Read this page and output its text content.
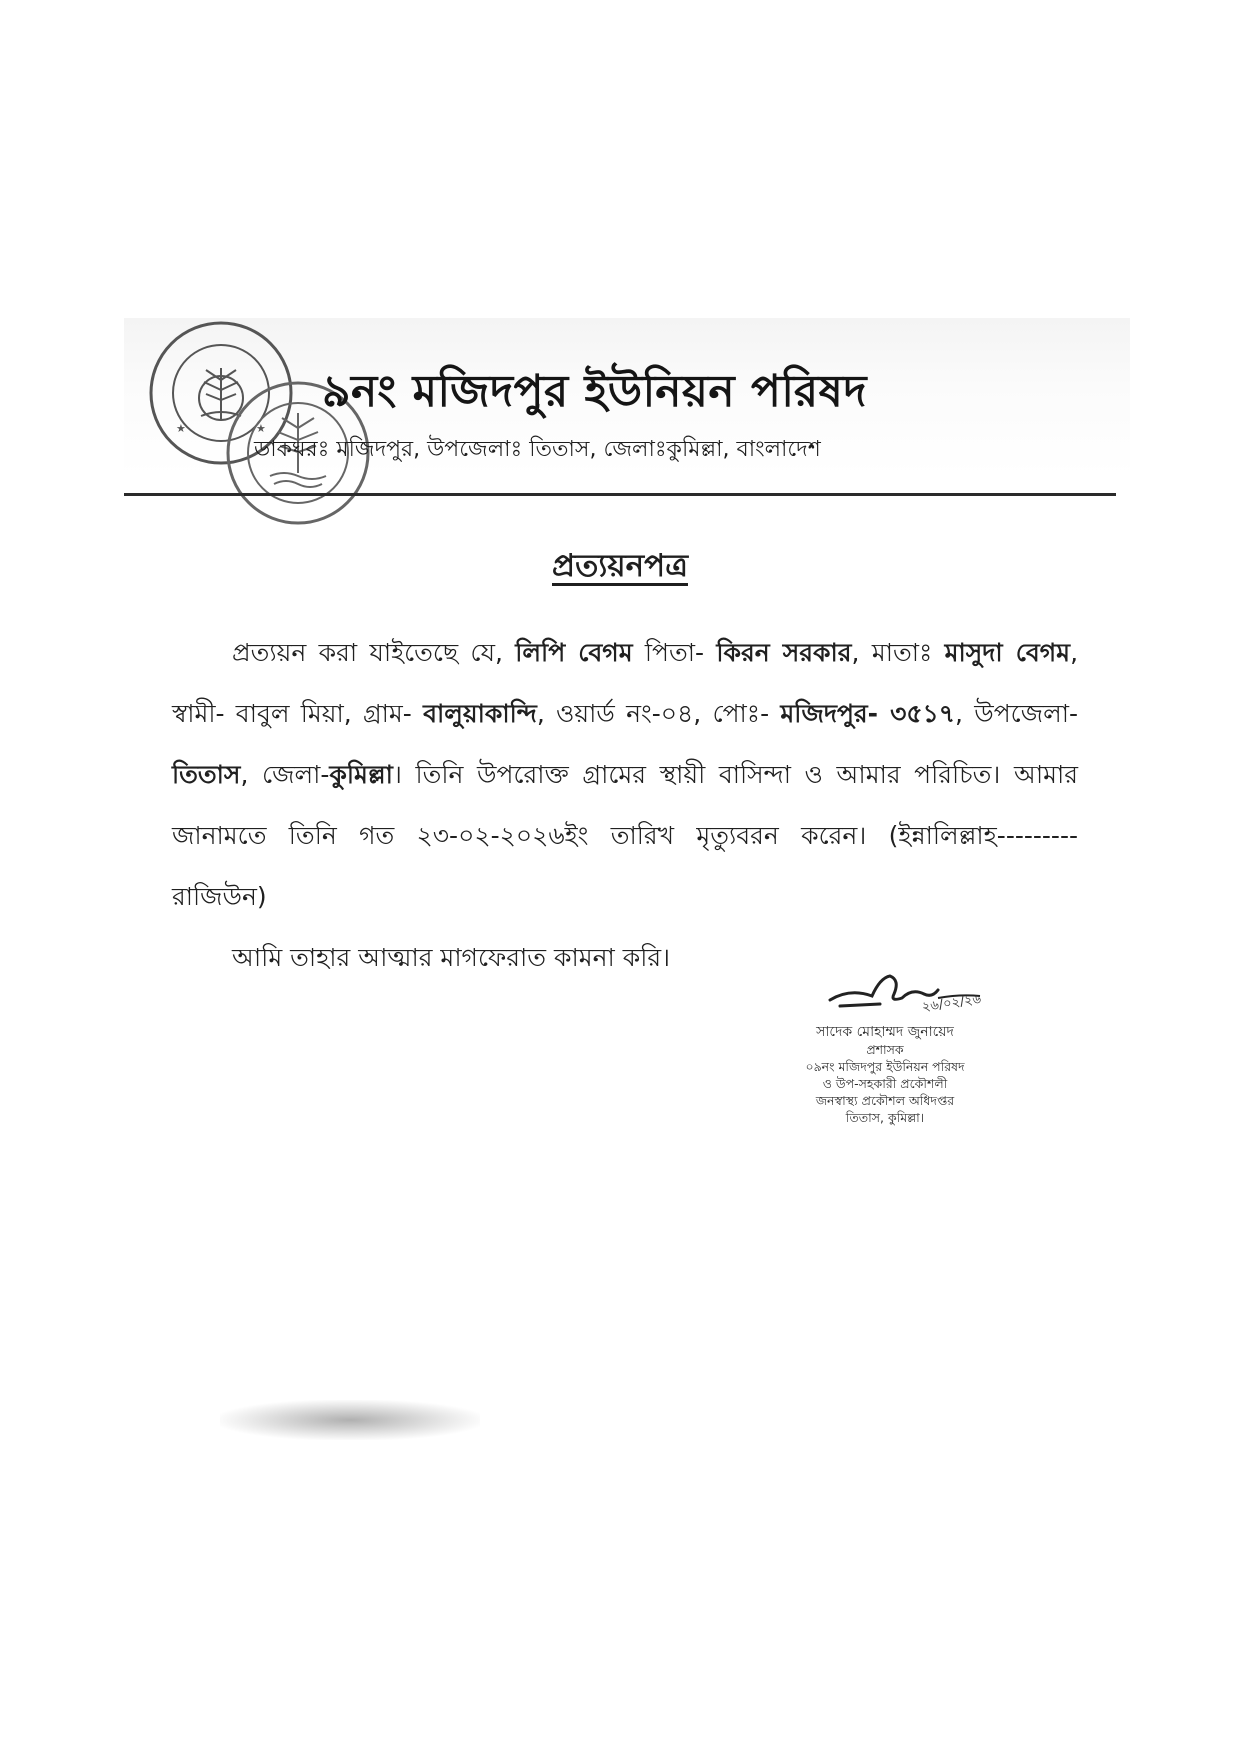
★	★
৯নং মজিদপুর ইউনিয়ন পরিষদ
ডাকঘরঃ মজিদপুর, উপজেলাঃ তিতাস, জেলাঃকুমিল্লা, বাংলাদেশ
প্রত্যয়নপত্র

প্রত্যয়ন করা যাইতেছে যে, লিপি বেগম পিতা- কিরন সরকার, মাতাঃ মাসুদা বেগম, স্বামী- বাবুল মিয়া, গ্রাম- বালুয়াকান্দি, ওয়ার্ড নং-০৪, পোঃ- মজিদপুর- ৩৫১৭, উপজেলা-তিতাস, জেলা-কুমিল্লা। তিনি উপরোক্ত গ্রামের স্থায়ী বাসিন্দা ও আমার পরিচিত। আমার জানামতে তিনি গত ২৩-০২-২০২৬ইং তারিখ মৃত্যুবরন করেন। (ইন্নালিল্লাহ--------- রাজিউন)

আমি তাহার আত্মার মাগফেরাত কামনা করি।

২৬/০২/২৬
সাদেক মোহাম্মদ জুনায়েদ
প্রশাসক
০৯নং মজিদপুর ইউনিয়ন পরিষদ
ও উপ-সহকারী প্রকৌশলী
জনস্বাস্থ্য প্রকৌশল অধিদপ্তর
তিতাস, কুমিল্লা।
